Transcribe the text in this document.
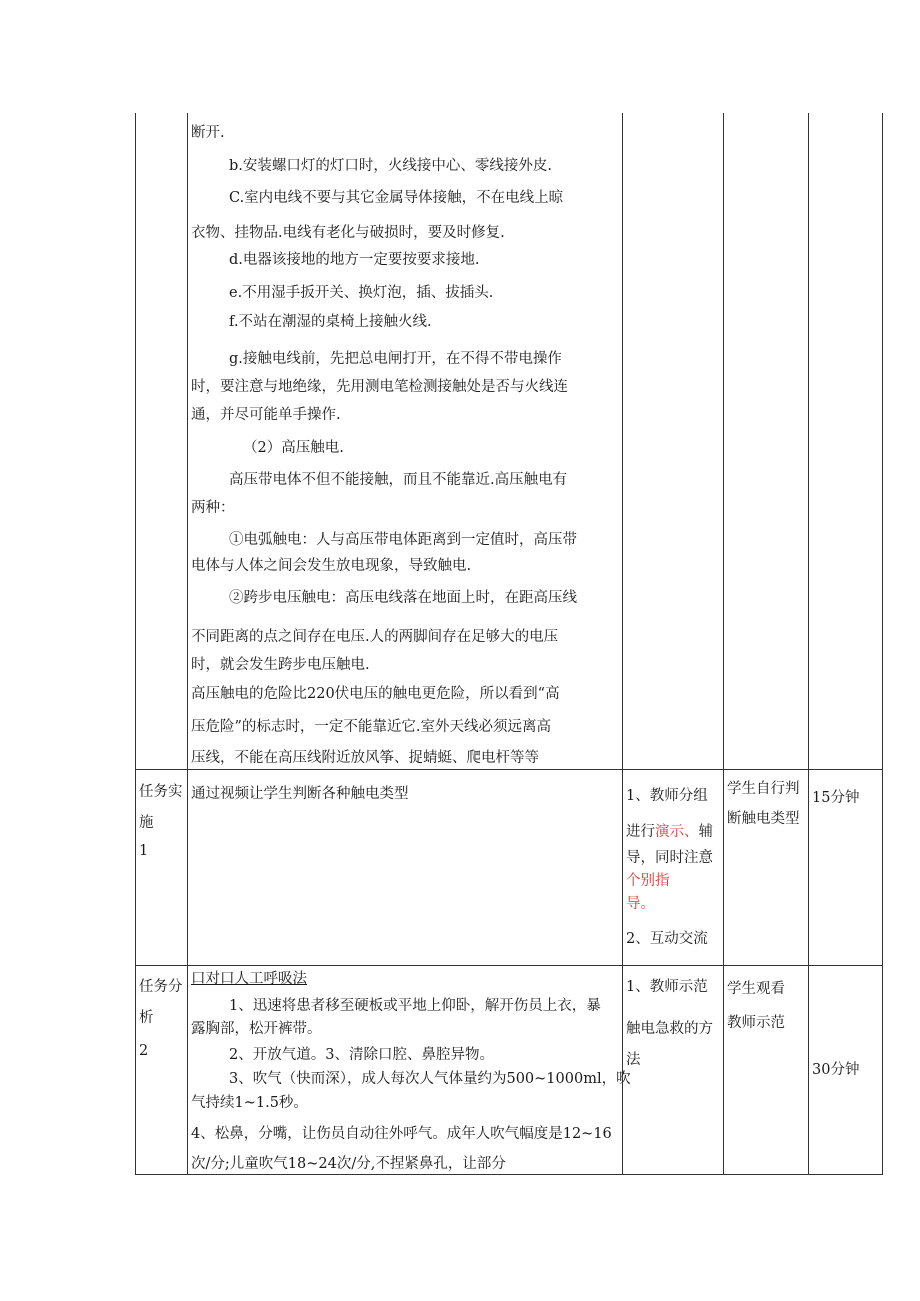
断开.
b.安装螺口灯的灯口时，火线接中心、零线接外皮.
C.室内电线不要与其它金属导体接触，不在电线上晾
衣物、挂物品.电线有老化与破损时，要及时修复.
d.电器该接地的地方一定要按要求接地.
e.不用湿手扳开关、换灯泡，插、拔插头.
f.不站在潮湿的桌椅上接触火线.
g.接触电线前，先把总电闸打开，在不得不带电操作
时，要注意与地绝缘，先用测电笔检测接触处是否与火线连
通，并尽可能单手操作.
（2）高压触电.
高压带电体不但不能接触，而且不能靠近.高压触电有
两种：
①电弧触电：人与高压带电体距离到一定值时，高压带
电体与人体之间会发生放电现象，导致触电.
②跨步电压触电：高压电线落在地面上时，在距高压线
不同距离的点之间存在电压.人的两脚间存在足够大的电压
时，就会发生跨步电压触电.
高压触电的危险比220伏电压的触电更危险，所以看到“高
压危险”的标志时，一定不能靠近它.室外天线必须远离高
压线，不能在高压线附近放风筝、捉蜻蜓、爬电杆等等
任务实
施
1
通过视频让学生判断各种触电类型	1、教师分组
进行演示、辅
导，同时注意
个别指
导。
2、互动交流
学生自行判
断触电类型
15分钟
任务分
析
2
口对口人工呼吸法
1、迅速将患者移至硬板或平地上仰卧，解开伤员上衣，暴
露胸部，松开裤带。
2、开放气道。3、清除口腔、鼻腔异物。
3、吹气（快而深），成人每次人气体量约为500~1000ml，吹
气持续1~1.5秒。
4、松鼻，分嘴，让伤员自动往外呼气。成年人吹气幅度是12~16
次/分;儿童吹气18~24次/分,不捏紧鼻孔，让部分
1、教师示范
触电急救的方
法
学生观看
教师示范
30分钟
